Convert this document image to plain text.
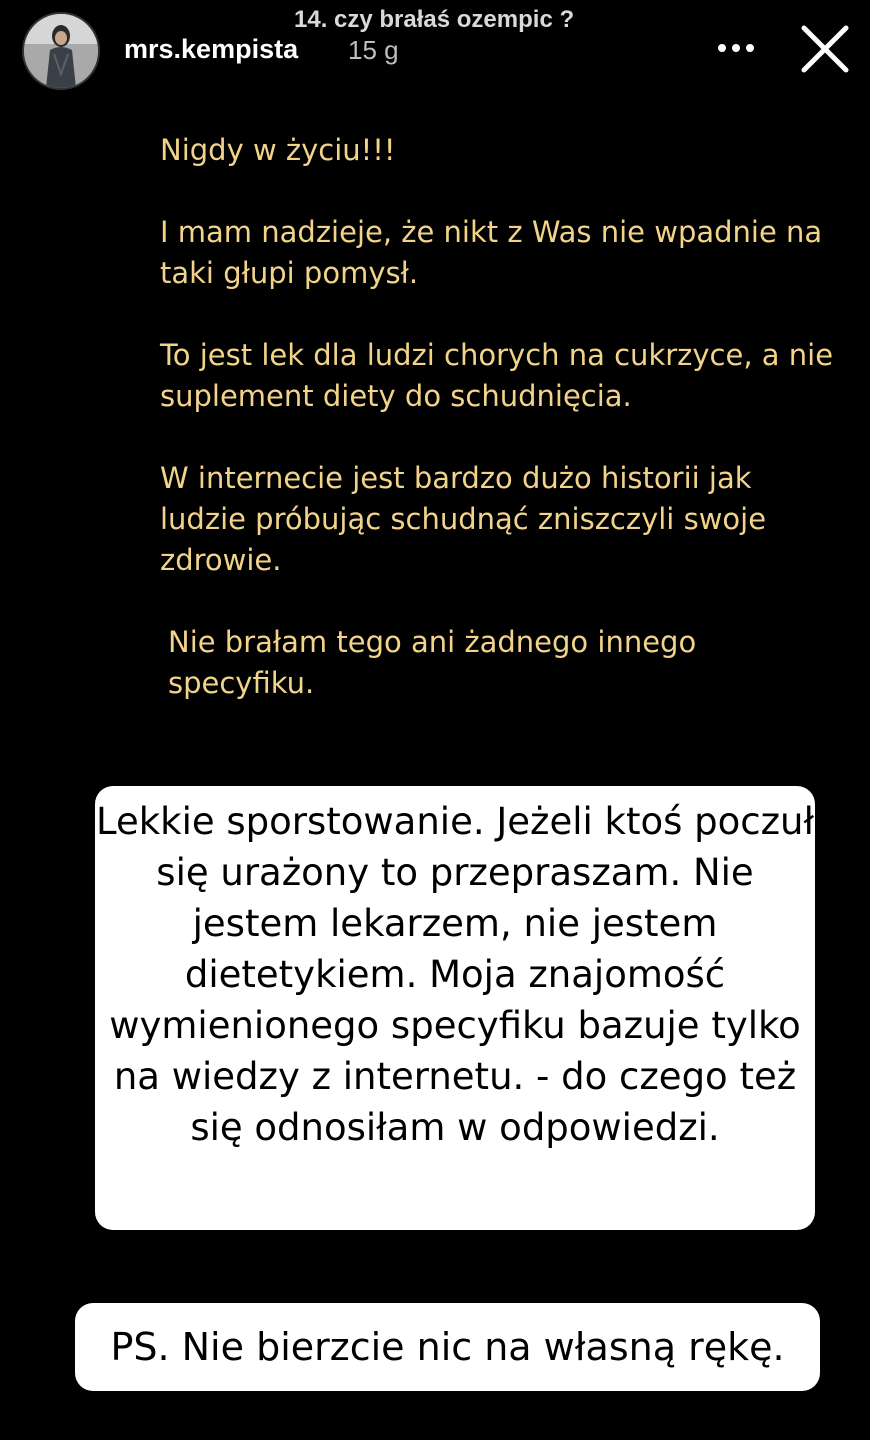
14. czy brałaś ozempic ?
mrs.kempista 15 g

Nigdy w życiu!!!

I mam nadzieje, że nikt z Was nie wpadnie na taki głupi pomysł.

To jest lek dla ludzi chorych na cukrzyce, a nie suplement diety do schudnięcia.

W internecie jest bardzo dużo historii jak ludzie próbując schudnąć zniszczyli swoje zdrowie.

Nie brałam tego ani żadnego innego specyfiku.

Lekkie sporstowanie. Jeżeli ktoś poczuł się urażony to przepraszam. Nie jestem lekarzem, nie jestem dietetykiem. Moja znajomość wymienionego specyfiku bazuje tylko na wiedzy z internetu. - do czego też się odnosiłam w odpowiedzi.
PS. Nie bierzcie nic na własną rękę.
